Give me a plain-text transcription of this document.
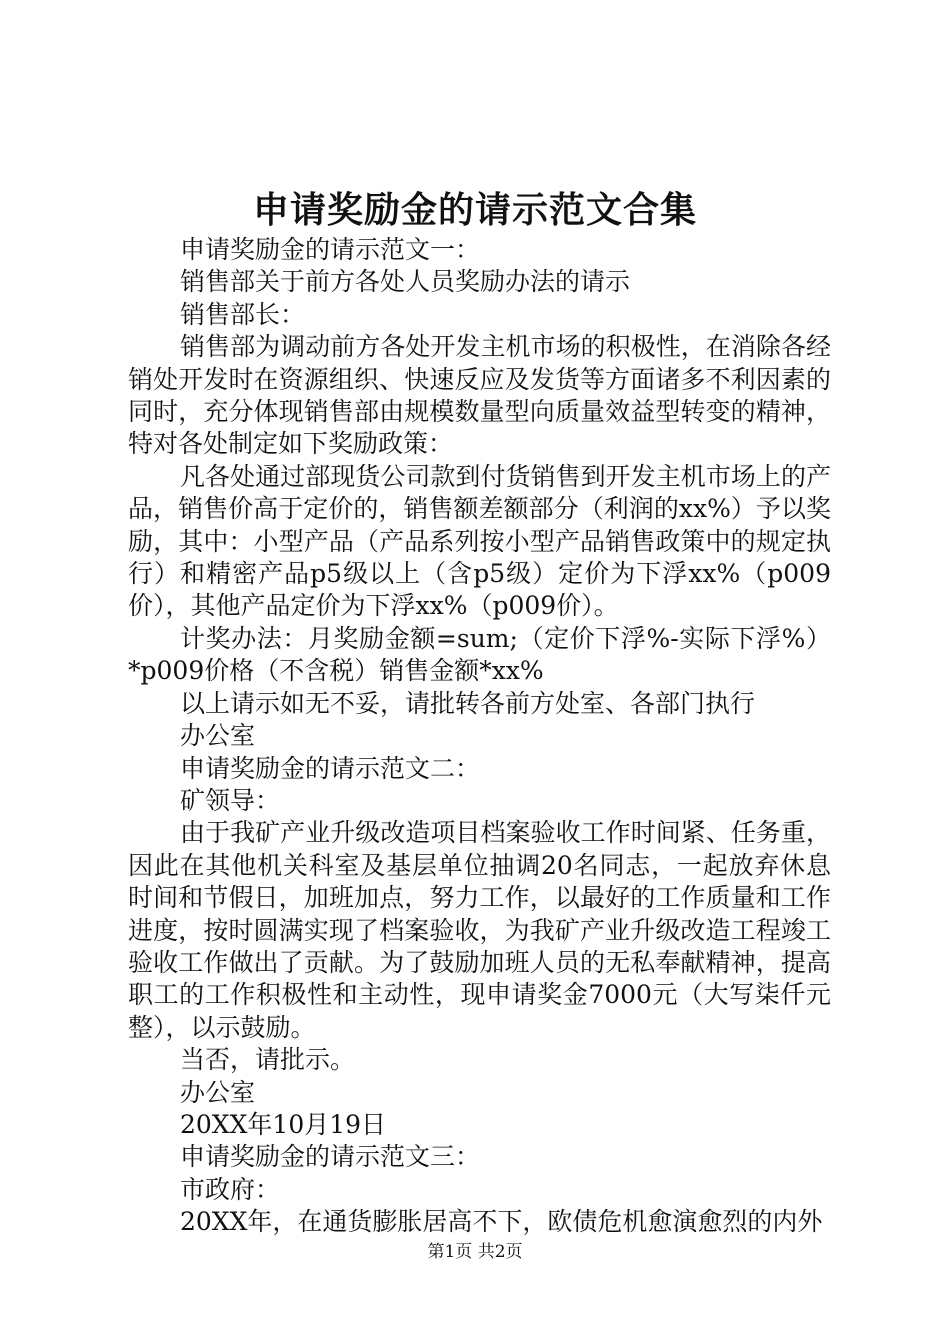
申请奖励金的请示范文合集

申请奖励金的请示范文一：

销售部关于前方各处人员奖励办法的请示

销售部长：

销售部为调动前方各处开发主机市场的积极性，在消除各经销处开发时在资源组织、快速反应及发货等方面诸多不利因素的同时，充分体现销售部由规模数量型向质量效益型转变的精神，特对各处制定如下奖励政策：

凡各处通过部现货公司款到付货销售到开发主机市场上的产品，销售价高于定价的，销售额差额部分（利润的xx%）予以奖励，其中：小型产品（产品系列按小型产品销售政策中的规定执行）和精密产品p5级以上（含p5级）定价为下浮xx%（p009价），其他产品定价为下浮xx%（p009价）。

计奖办法：月奖励金额=sum;（定价下浮%-实际下浮%）*p009价格（不含税）销售金额*xx%

以上请示如无不妥，请批转各前方处室、各部门执行

办公室

申请奖励金的请示范文二：

矿领导：

由于我矿产业升级改造项目档案验收工作时间紧、任务重，因此在其他机关科室及基层单位抽调20名同志，一起放弃休息时间和节假日，加班加点，努力工作，以最好的工作质量和工作进度，按时圆满实现了档案验收，为我矿产业升级改造工程竣工验收工作做出了贡献。为了鼓励加班人员的无私奉献精神，提高职工的工作积极性和主动性，现申请奖金7000元（大写柒仟元整），以示鼓励。

当否，请批示。

办公室

20XX年10月19日

申请奖励金的请示范文三：

市政府：

20XX年，在通货膨胀居高不下，欧债危机愈演愈烈的内外

第1页 共2页
